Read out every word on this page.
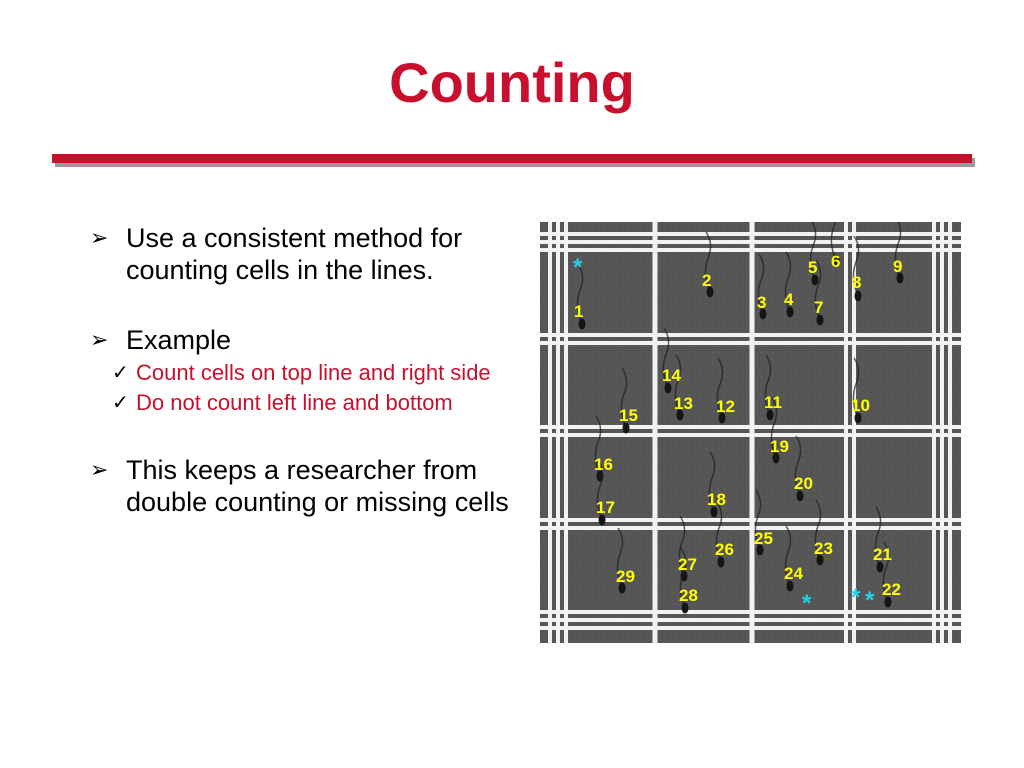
Counting
➢ Use a consistent method for counting cells in the lines.
➢ Example
✓ Count cells on top line and right side
✓ Do not count left line and bottom
➢ This keeps a researcher from double counting or missing cells
1
2
3 4
5 6
7
8
9
10
11
12
13
14
15
16
17	18
19
20
21
22
23
24
25
26
27
28
29
*
* * *
